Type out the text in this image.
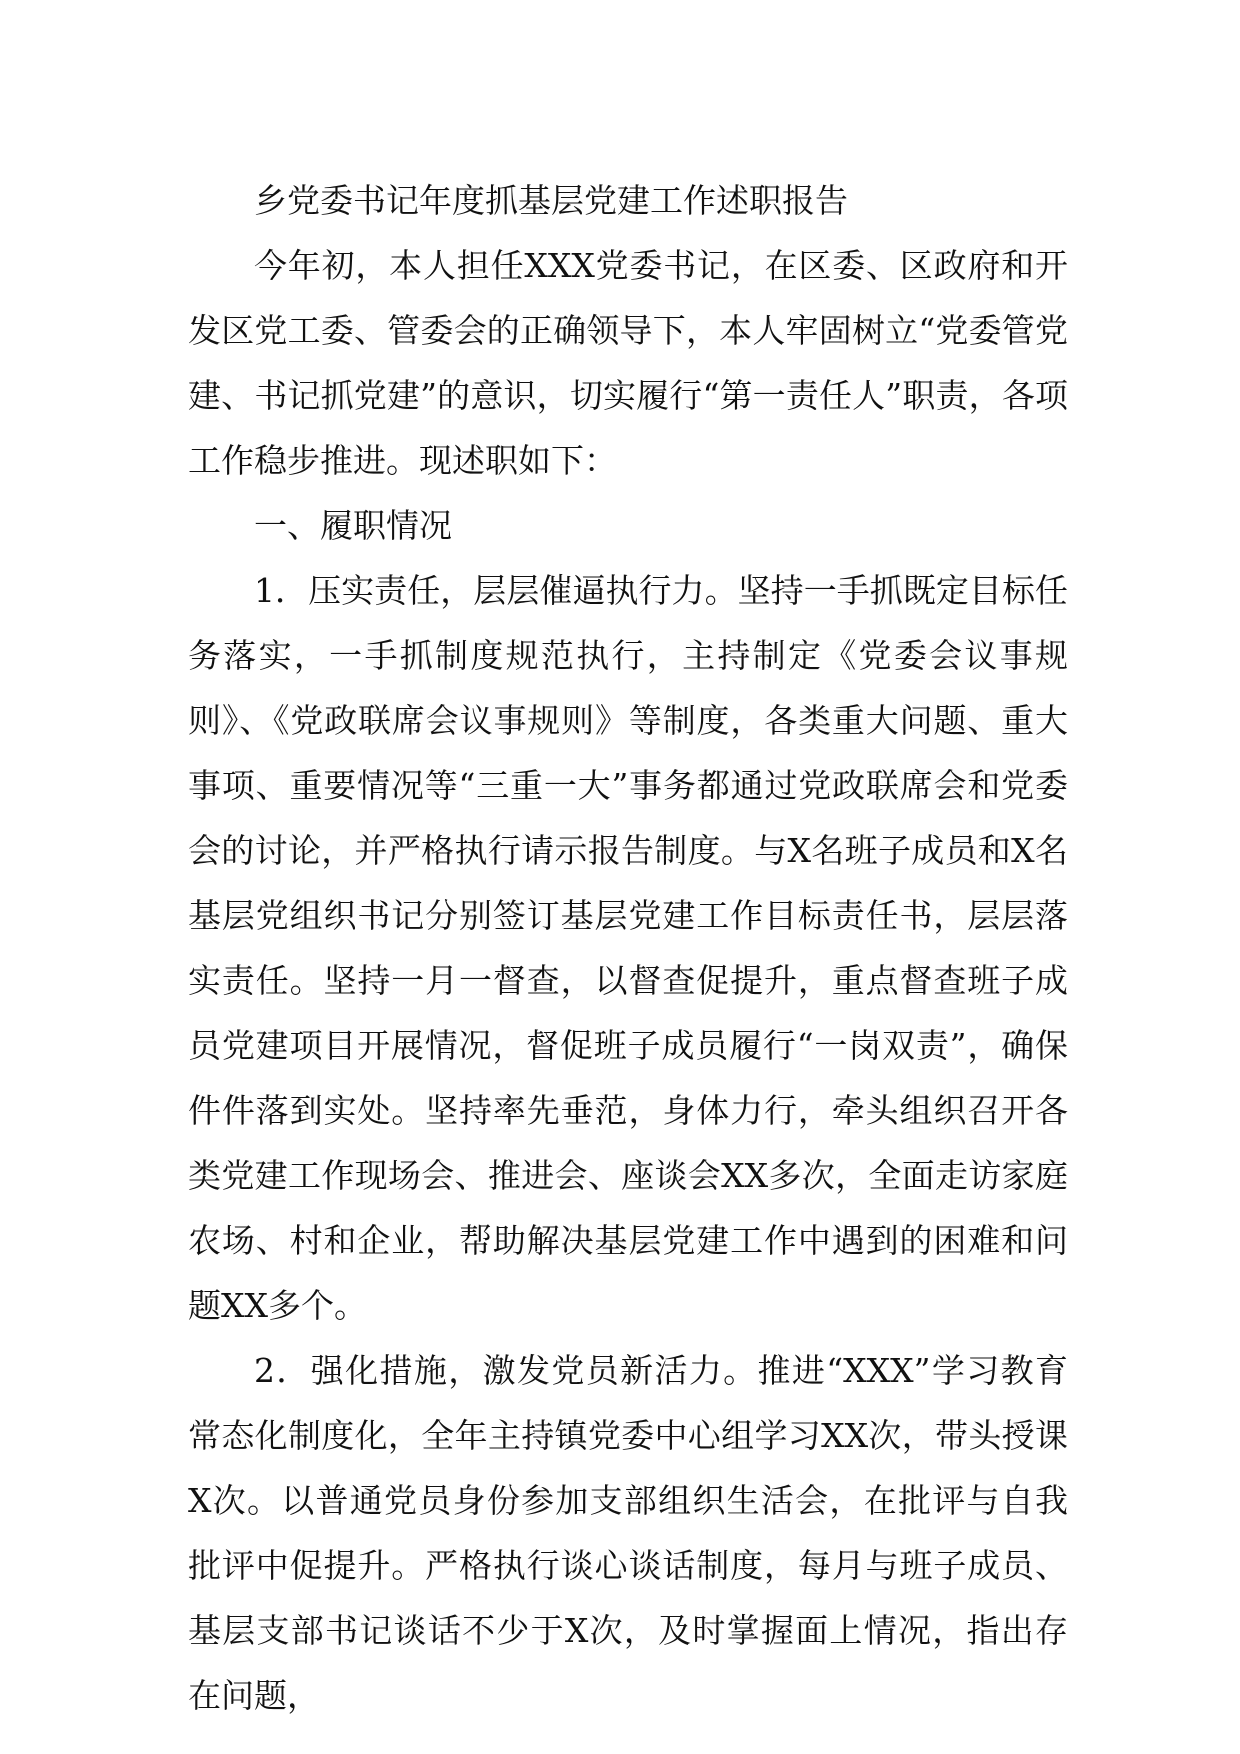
乡党委书记年度抓基层党建工作述职报告

今年初，本人担任XXX党委书记，在区委、区政府和开发区党工委、管委会的正确领导下，本人牢固树立“党委管党建、书记抓党建”的意识，切实履行“第一责任人”职责，各项工作稳步推进。现述职如下：

一、履职情况

1．压实责任，层层催逼执行力。坚持一手抓既定目标任务落实，一手抓制度规范执行，主持制定《党委会议事规则》、《党政联席会议事规则》等制度，各类重大问题、重大事项、重要情况等“三重一大”事务都通过党政联席会和党委会的讨论，并严格执行请示报告制度。与X名班子成员和X名基层党组织书记分别签订基层党建工作目标责任书，层层落实责任。坚持一月一督查，以督查促提升，重点督查班子成员党建项目开展情况，督促班子成员履行“一岗双责”，确保件件落到实处。坚持率先垂范，身体力行，牵头组织召开各类党建工作现场会、推进会、座谈会XX多次，全面走访家庭农场、村和企业，帮助解决基层党建工作中遇到的困难和问题XX多个。

2．强化措施，激发党员新活力。推进“XXX”学习教育常态化制度化，全年主持镇党委中心组学习XX次，带头授课X次。以普通党员身份参加支部组织生活会，在批评与自我批评中促提升。严格执行谈心谈话制度，每月与班子成员、基层支部书记谈话不少于X次，及时掌握面上情况，指出存在问题，
